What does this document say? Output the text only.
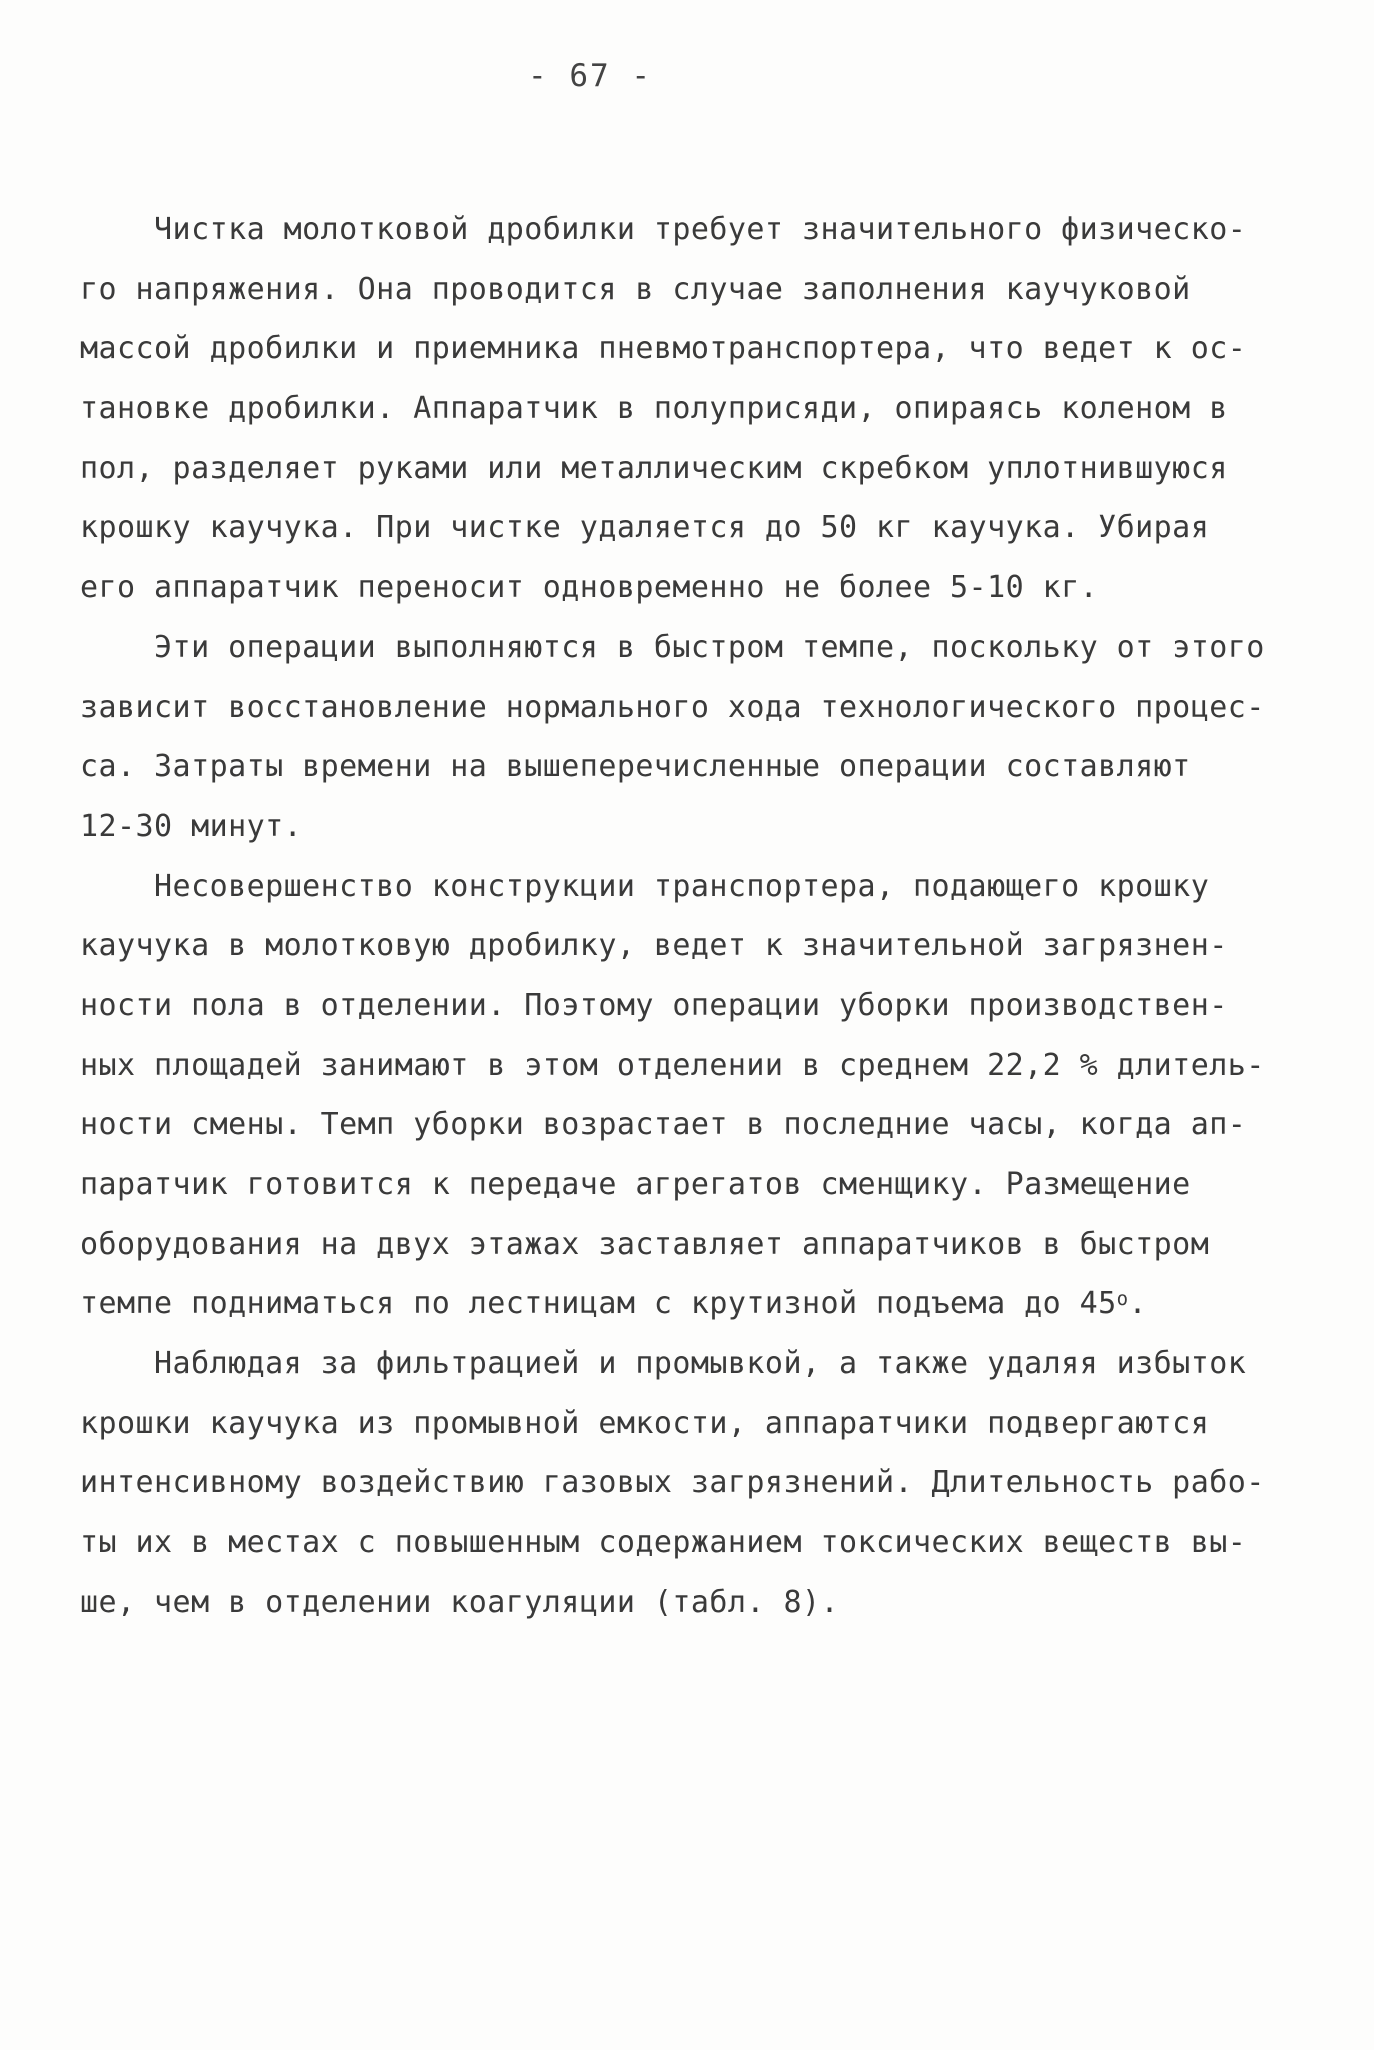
- 67 -
Чистка молотковой дробилки требует значительного физическо-
го напряжения. Она проводится в случае заполнения каучуковой
массой дробилки и приемника пневмотранспортера, что ведет к ос-
тановке дробилки. Аппаратчик в полуприсяди, опираясь коленом в
пол, разделяет руками или металлическим скребком уплотнившуюся
крошку каучука. При чистке удаляется до 50 кг каучука. Убирая
его аппаратчик переносит одновременно не более 5-10 кг.
Эти операции выполняются в быстром темпе, поскольку от этого
зависит восстановление нормального хода технологического процес-
са. Затраты времени на вышеперечисленные операции составляют
12-30 минут.
Несовершенство конструкции транспортера, подающего крошку
каучука в молотковую дробилку, ведет к значительной загрязнен-
ности пола в отделении. Поэтому операции уборки производствен-
ных площадей занимают в этом отделении в среднем 22,2 % длитель-
ности смены. Темп уборки возрастает в последние часы, когда ап-
паратчик готовится к передаче агрегатов сменщику. Размещение
оборудования на двух этажах заставляет аппаратчиков в быстром
темпе подниматься по лестницам с крутизной подъема до $45^о$.
Наблюдая за фильтрацией и промывкой, а также удаляя избыток
крошки каучука из промывной емкости, аппаратчики подвергаются
интенсивному воздействию газовых загрязнений. Длительность рабо-
ты их в местах с повышенным содержанием токсических веществ вы-
ше, чем в отделении коагуляции (табл. 8).
